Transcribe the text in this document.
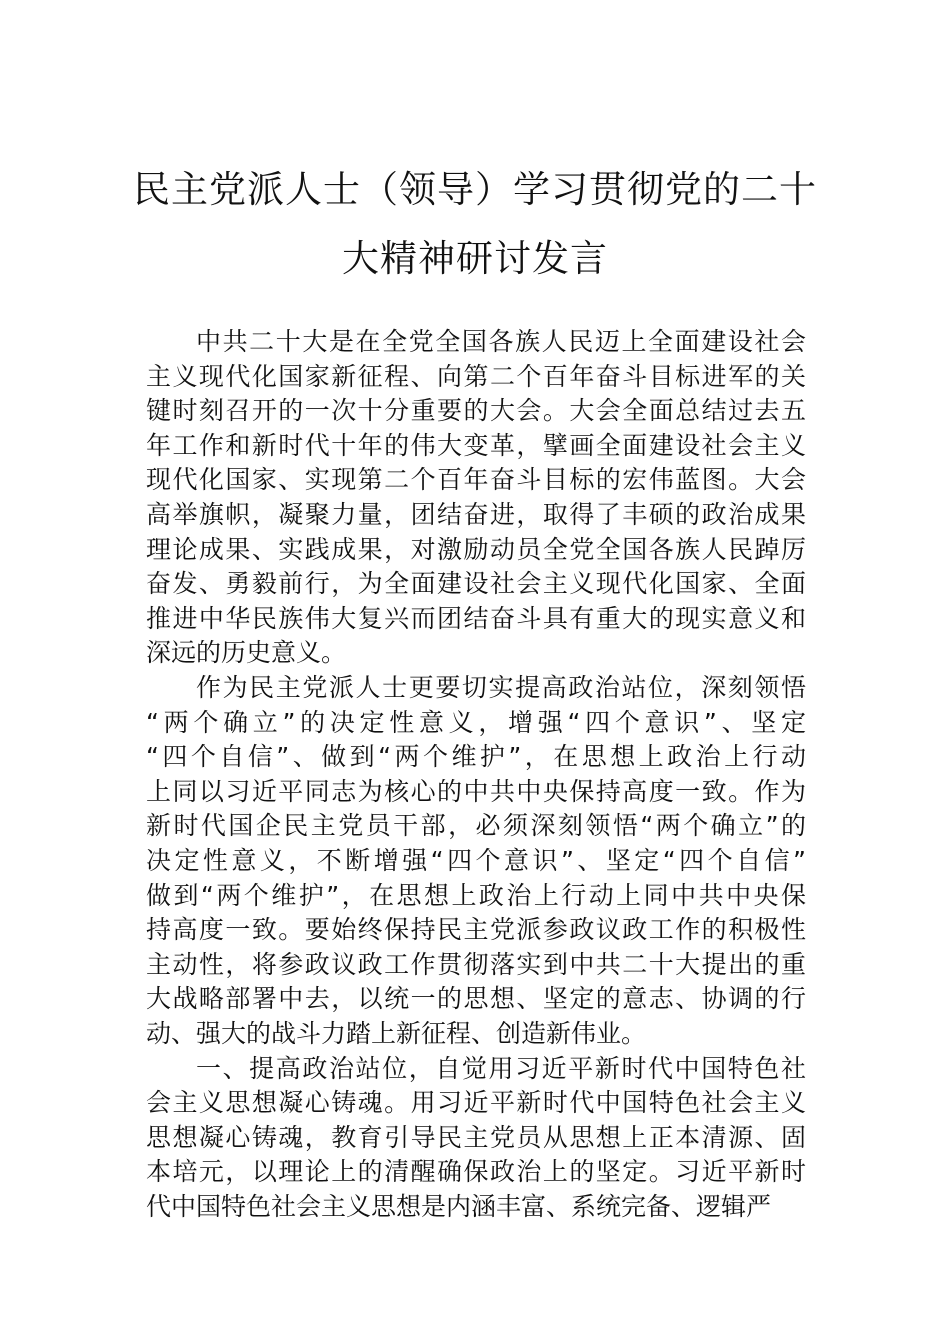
民主党派人士（领导）学习贯彻党的二十
大精神研讨发言

中共二十大是在全党全国各族人民迈上全面建设社会

主义现代化国家新征程、向第二个百年奋斗目标进军的关

键时刻召开的一次十分重要的大会。大会全面总结过去五

年工作和新时代十年的伟大变革，擘画全面建设社会主义

现代化国家、实现第二个百年奋斗目标的宏伟蓝图。大会

高举旗帜，凝聚力量，团结奋进，取得了丰硕的政治成果

理论成果、实践成果，对激励动员全党全国各族人民踔厉

奋发、勇毅前行，为全面建设社会主义现代化国家、全面

推进中华民族伟大复兴而团结奋斗具有重大的现实意义和

深远的历史意义。

作为民主党派人士更要切实提高政治站位，深刻领悟

“两个确立”的决定性意义，增强“四个意识”、坚定

“四个自信”、做到“两个维护”，在思想上政治上行动

上同以习近平同志为核心的中共中央保持高度一致。作为

新时代国企民主党员干部，必须深刻领悟“两个确立”的

决定性意义，不断增强“四个意识”、坚定“四个自信”

做到“两个维护”，在思想上政治上行动上同中共中央保

持高度一致。要始终保持民主党派参政议政工作的积极性

主动性，将参政议政工作贯彻落实到中共二十大提出的重

大战略部署中去，以统一的思想、坚定的意志、协调的行

动、强大的战斗力踏上新征程、创造新伟业。

一、提高政治站位，自觉用习近平新时代中国特色社

会主义思想凝心铸魂。用习近平新时代中国特色社会主义

思想凝心铸魂，教育引导民主党员从思想上正本清源、固

本培元，以理论上的清醒确保政治上的坚定。习近平新时

代中国特色社会主义思想是内涵丰富、系统完备、逻辑严
